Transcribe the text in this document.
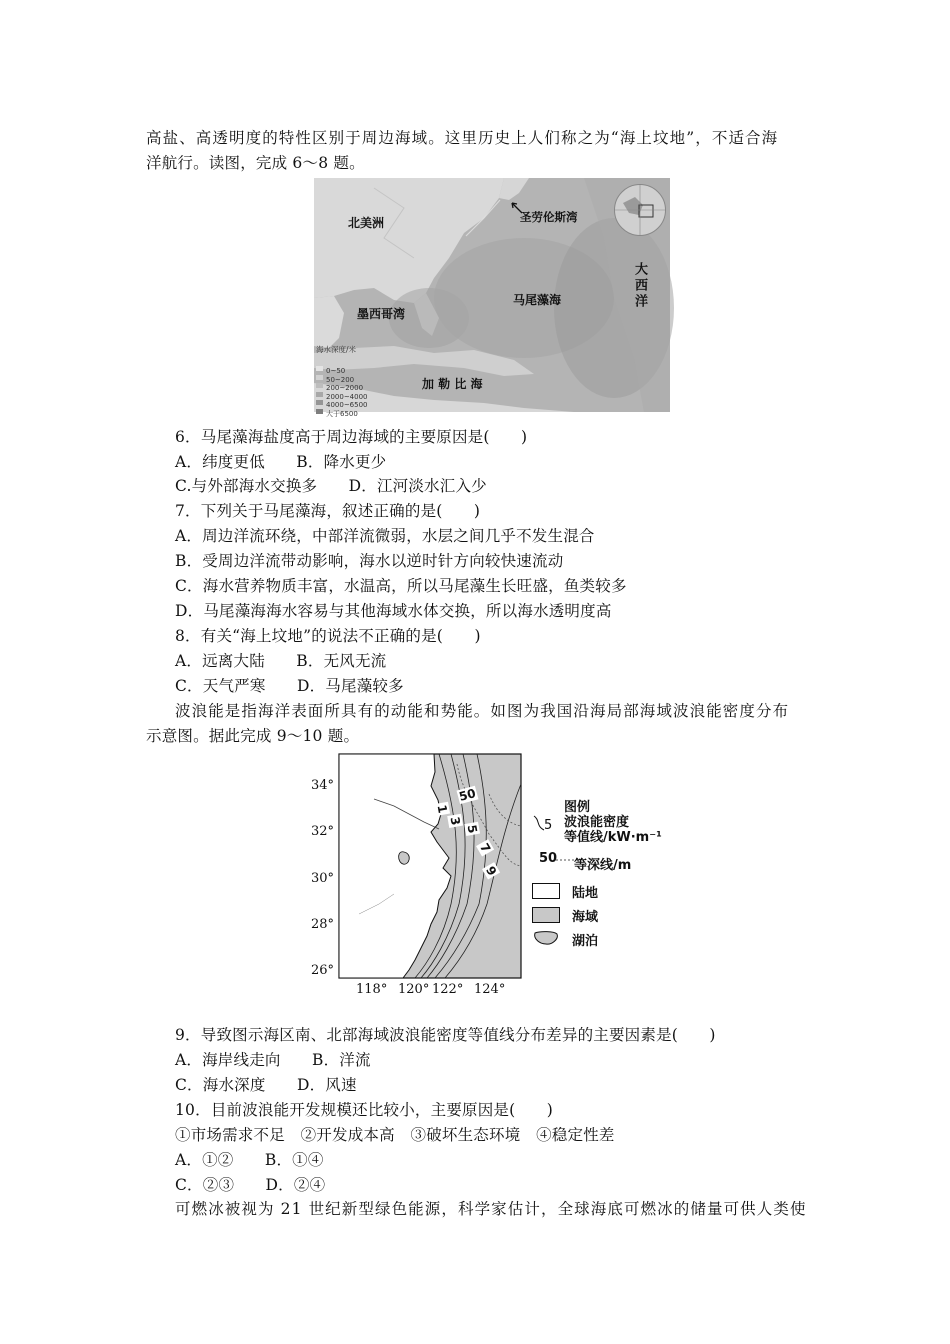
高盐、高透明度的特性区别于周边海域。这里历史上人们称之为“海上坟地”，不适合海
洋航行。读图，完成 6～8 题。
北美洲	圣劳伦斯湾
大西洋
马尾藻海
墨西哥湾
加 勒 比 海
海水深度/米
0~50
50~200
200~2000
2000~4000
4000~6500
大于6500
6．马尾藻海盐度高于周边海域的主要原因是(　　)
A．纬度更低　　B．降水更少
C.与外部海水交换多　　D．江河淡水汇入少
7．下列关于马尾藻海，叙述正确的是(　　)
A．周边洋流环绕，中部洋流微弱，水层之间几乎不发生混合
B．受周边洋流带动影响，海水以逆时针方向较快速流动
C．海水营养物质丰富，水温高，所以马尾藻生长旺盛，鱼类较多
D．马尾藻海海水容易与其他海域水体交换，所以海水透明度高
8．有关“海上坟地”的说法不正确的是(　　)
A．远离大陆　　B．无风无流
C．天气严寒　　D．马尾藻较多
波浪能是指海洋表面所具有的动能和势能。如图为我国沿海局部海域波浪能密度分布
示意图。据此完成 9～10 题。
1
3
5
7
9
50
34°
32°
30°
28°
26°
118° 120° 122° 124°
图例
5 波浪能密度
等值线/kW·m⁻¹
50 等深线/m
陆地
海域
湖泊
9．导致图示海区南、北部海域波浪能密度等值线分布差异的主要因素是(　　)
A．海岸线走向　　B．洋流
C．海水深度　　D．风速
10．目前波浪能开发规模还比较小，主要原因是(　　)
①市场需求不足　②开发成本高　③破坏生态环境　④稳定性差
A．①②　　B．①④
C．②③　　D．②④
可燃冰被视为 21 世纪新型绿色能源，科学家估计，全球海底可燃冰的储量可供人类使
